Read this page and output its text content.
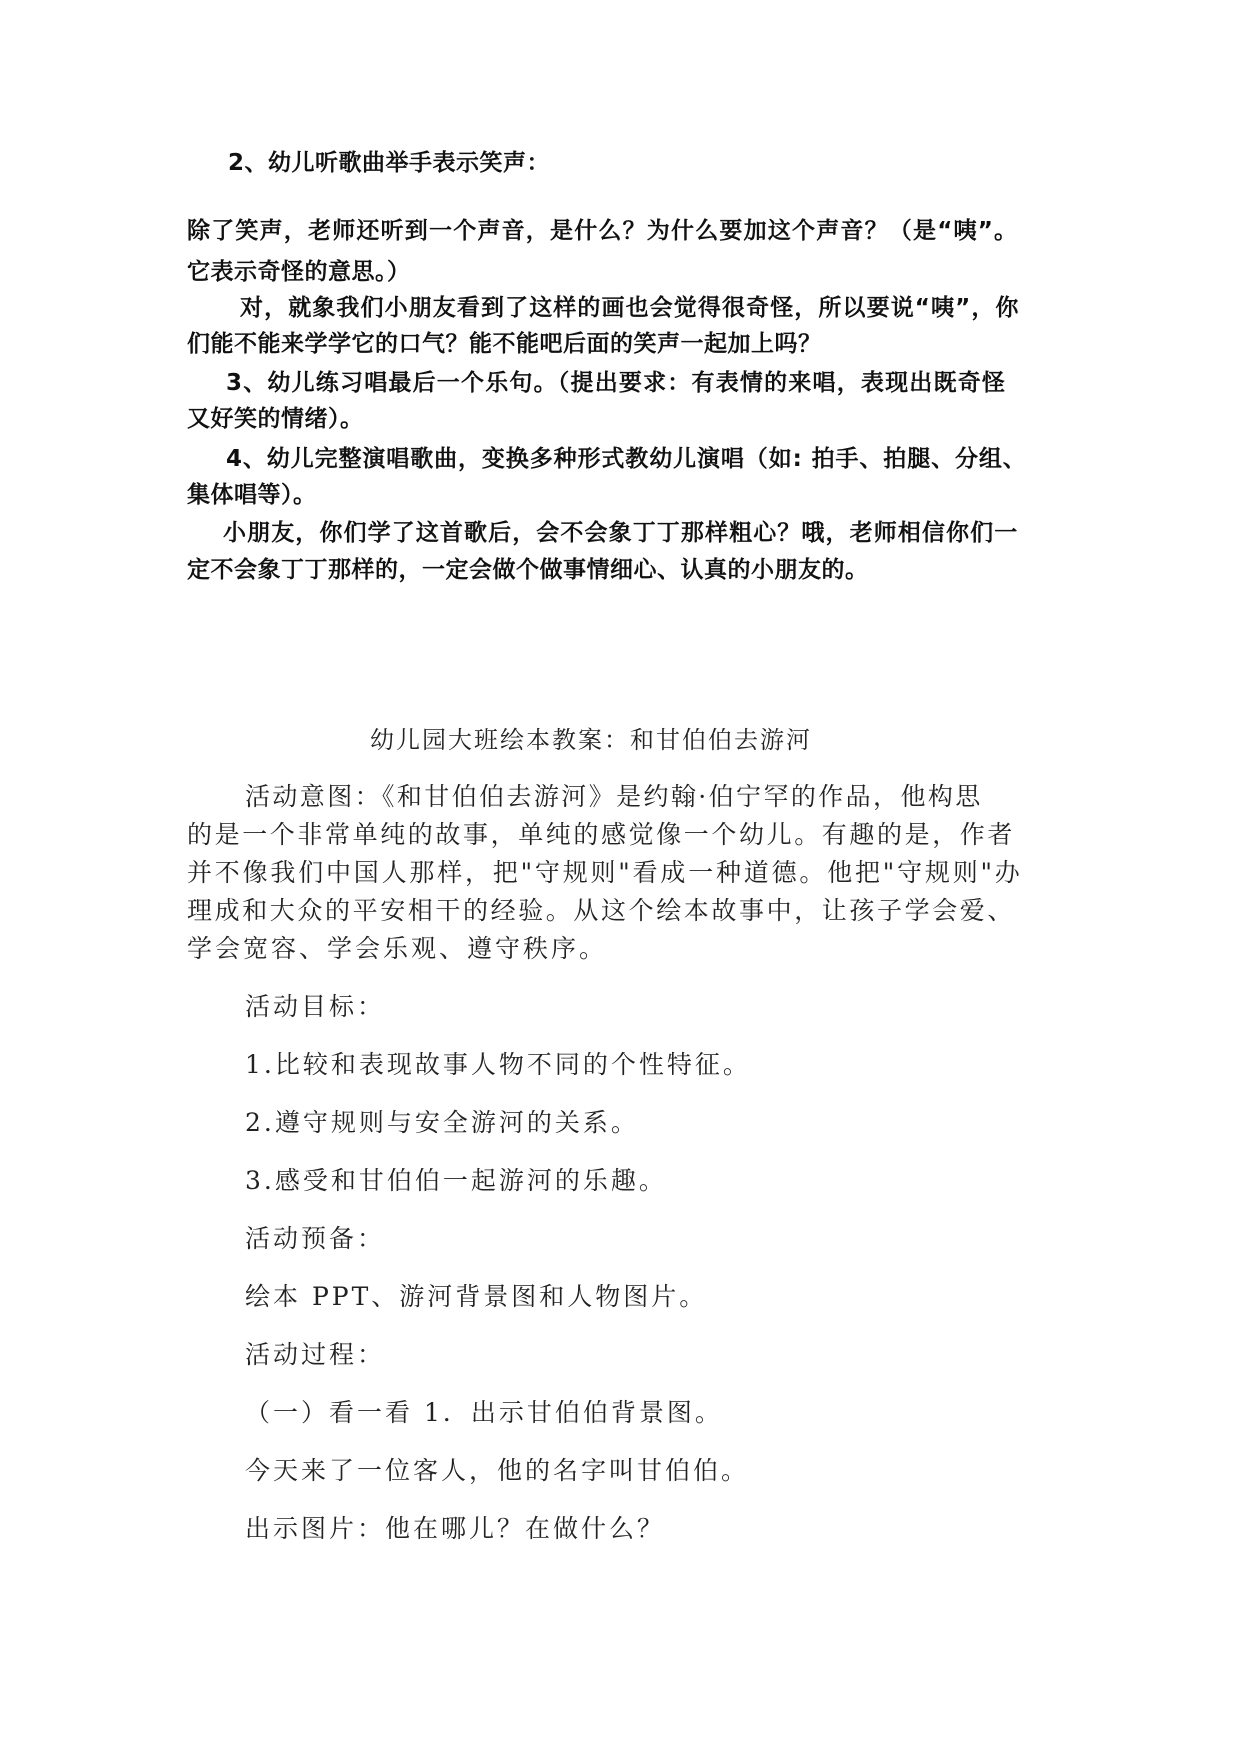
2、幼儿听歌曲举手表示笑声：
除了笑声，老师还听到一个声音，是什么？为什么要加这个声音？（是“咦”。
它表示奇怪的意思。）
对，就象我们小朋友看到了这样的画也会觉得很奇怪，所以要说“咦”，你
们能不能来学学它的口气？能不能吧后面的笑声一起加上吗？
3、幼儿练习唱最后一个乐句。（提出要求：有表情的来唱，表现出既奇怪
又好笑的情绪）。
4、幼儿完整演唱歌曲，变换多种形式教幼儿演唱（如: 拍手、拍腿、分组、
集体唱等）。
小朋友，你们学了这首歌后，会不会象丁丁那样粗心？哦，老师相信你们一
定不会象丁丁那样的，一定会做个做事情细心、认真的小朋友的。
幼儿园大班绘本教案：和甘伯伯去游河
活动意图：《和甘伯伯去游河》是约翰·伯宁罕的作品，他构思
的是一个非常单纯的故事，单纯的感觉像一个幼儿。有趣的是，作者
并不像我们中国人那样，把"守规则"看成一种道德。他把"守规则"办
理成和大众的平安相干的经验。从这个绘本故事中，让孩子学会爱、
学会宽容、学会乐观、遵守秩序。
活动目标：
1.比较和表现故事人物不同的个性特征。
2.遵守规则与安全游河的关系。
3.感受和甘伯伯一起游河的乐趣。
活动预备：
绘本 PPT、游河背景图和人物图片。
活动过程：
（一）看一看 1．出示甘伯伯背景图。
今天来了一位客人，他的名字叫甘伯伯。
出示图片：他在哪儿？在做什么？
